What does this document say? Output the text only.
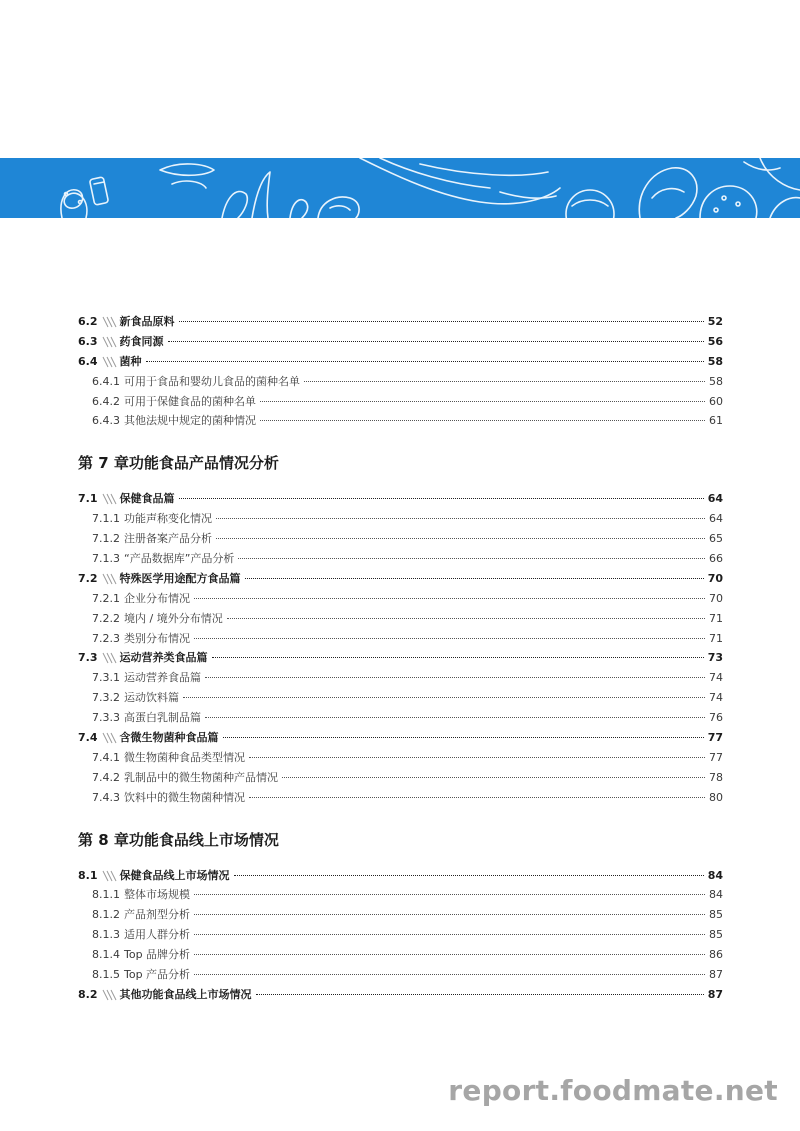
6.2 新食品原料	52
6.3 药食同源	56
6.4 菌种	58
6.4.1 可用于食品和婴幼儿食品的菌种名单	58
6.4.2 可用于保健食品的菌种名单	60
6.4.3 其他法规中规定的菌种情况	61
第 7 章功能食品产品情况分析
7.1 保健食品篇	64
7.1.1 功能声称变化情况	64
7.1.2 注册备案产品分析	65
7.1.3 “产品数据库”产品分析	66
7.2 特殊医学用途配方食品篇	70
7.2.1 企业分布情况	70
7.2.2 境内 / 境外分布情况	71
7.2.3 类别分布情况	71
7.3 运动营养类食品篇	73
7.3.1 运动营养食品篇	74
7.3.2 运动饮料篇	74
7.3.3 高蛋白乳制品篇	76
7.4 含微生物菌种食品篇	77
7.4.1 微生物菌种食品类型情况	77
7.4.2 乳制品中的微生物菌种产品情况	78
7.4.3 饮料中的微生物菌种情况	80
第 8 章功能食品线上市场情况
8.1 保健食品线上市场情况	84
8.1.1 整体市场规模	84
8.1.2 产品剂型分析	85
8.1.3 适用人群分析	85
8.1.4 Top 品牌分析	86
8.1.5 Top 产品分析	87
8.2 其他功能食品线上市场情况	87
report.foodmate.net
